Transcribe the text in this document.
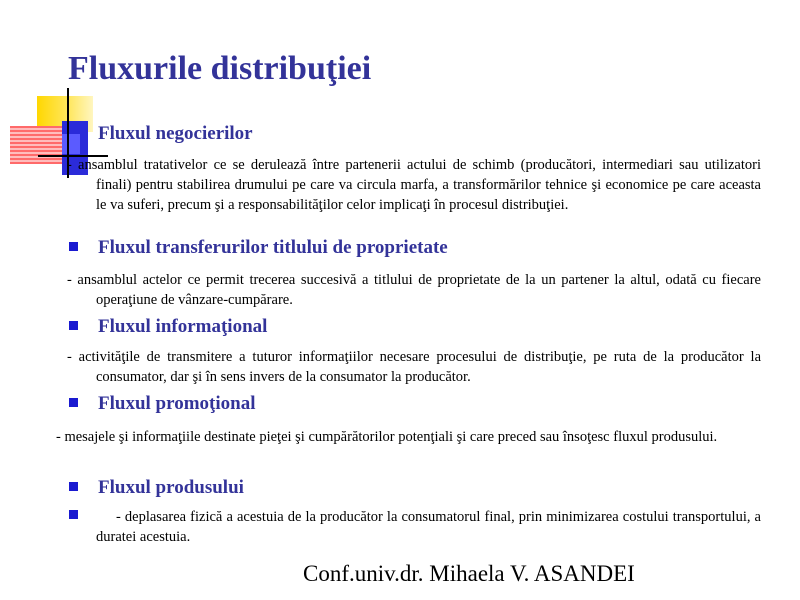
Fluxurile distribuţiei
Fluxul negocierilor
- ansamblul tratativelor ce se derulează între partenerii actului de schimb (producători, intermediari sau utilizatori finali) pentru stabilirea drumului pe care va circula marfa, a transformărilor tehnice şi economice pe care aceasta le va suferi, precum şi a responsabilităţilor celor implicaţi în procesul distribuţiei.
Fluxul transferurilor titlului de proprietate
- ansamblul actelor ce permit trecerea succesivă a titlului de proprietate de la un partener la altul, odată cu fiecare operaţiune de vânzare-cumpărare.
Fluxul informaţional
- activităţile de transmitere a tuturor informaţiilor necesare procesului de distribuţie, pe ruta de la producător la consumator, dar şi în sens invers de la consumator la producător.
Fluxul promoţional
- mesajele şi informaţiile destinate pieţei şi cumpărătorilor potenţiali şi care preced sau însoţesc fluxul produsului.
Fluxul produsului
- deplasarea fizică a acestuia de la producător la consumatorul final, prin minimizarea costului transportului, a duratei acestuia.
Conf.univ.dr. Mihaela V. ASANDEI
